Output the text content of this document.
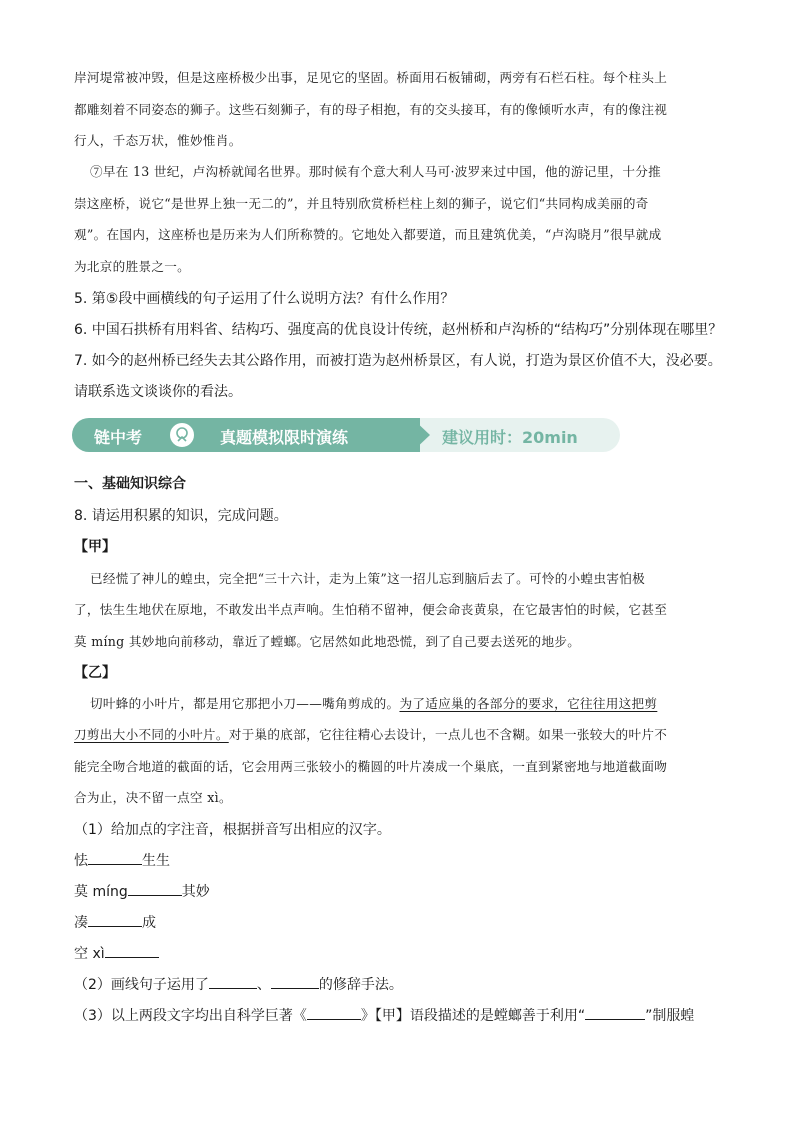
岸河堤常被冲毁，但是这座桥极少出事，足见它的坚固。桥面用石板铺砌，两旁有石栏石柱。每个柱头上
都雕刻着不同姿态的狮子。这些石刻狮子，有的母子相抱，有的交头接耳，有的像倾听水声，有的像注视
行人，千态万状，惟妙惟肖。
⑦早在 13 世纪，卢沟桥就闻名世界。那时候有个意大利人马可·波罗来过中国，他的游记里，十分推
崇这座桥，说它“是世界上独一无二的”，并且特别欣赏桥栏柱上刻的狮子，说它们“共同构成美丽的奇
观”。在国内，这座桥也是历来为人们所称赞的。它地处入都要道，而且建筑优美，“卢沟晓月”很早就成
为北京的胜景之一。
5. 第⑤段中画横线的句子运用了什么说明方法？有什么作用？
6. 中国石拱桥有用料省、结构巧、强度高的优良设计传统，赵州桥和卢沟桥的“结构巧”分别体现在哪里？
7. 如今的赵州桥已经失去其公路作用，而被打造为赵州桥景区，有人说，打造为景区价值不大，没必要。
请联系选文谈谈你的看法。
链中考	真题模拟限时演练	建议用时：20min
一、基础知识综合
8. 请运用积累的知识，完成问题。
【甲】
已经慌了神儿的蝗虫，完全把“三十六计，走为上策”这一招儿忘到脑后去了。可怜的小蝗虫害怕极
了，怯生生地伏在原地，不敢发出半点声响。生怕稍不留神，便会命丧黄泉，在它最害怕的时候，它甚至
莫 míng 其妙地向前移动，靠近了螳螂。它居然如此地恐慌，到了自己要去送死的地步。
【乙】
切叶蜂的小叶片，都是用它那把小刀——嘴角剪成的。为了适应巢的各部分的要求，它往往用这把剪
刀剪出大小不同的小叶片。对于巢的底部，它往往精心去设计，一点儿也不含糊。如果一张较大的叶片不
能完全吻合地道的截面的话，它会用两三张较小的椭圆的叶片凑成一个巢底，一直到紧密地与地道截面吻
合为止，决不留一点空 xì。
（1）给加点的字注音，根据拼音写出相应的汉字。
怯	生生
莫 míng	其妙
凑	成
空 xì
（2）画线句子运用了	、	的修辞手法。
（3）以上两段文字均出自科学巨著《	》【甲】语段描述的是螳螂善于利用“	”制服蝗
